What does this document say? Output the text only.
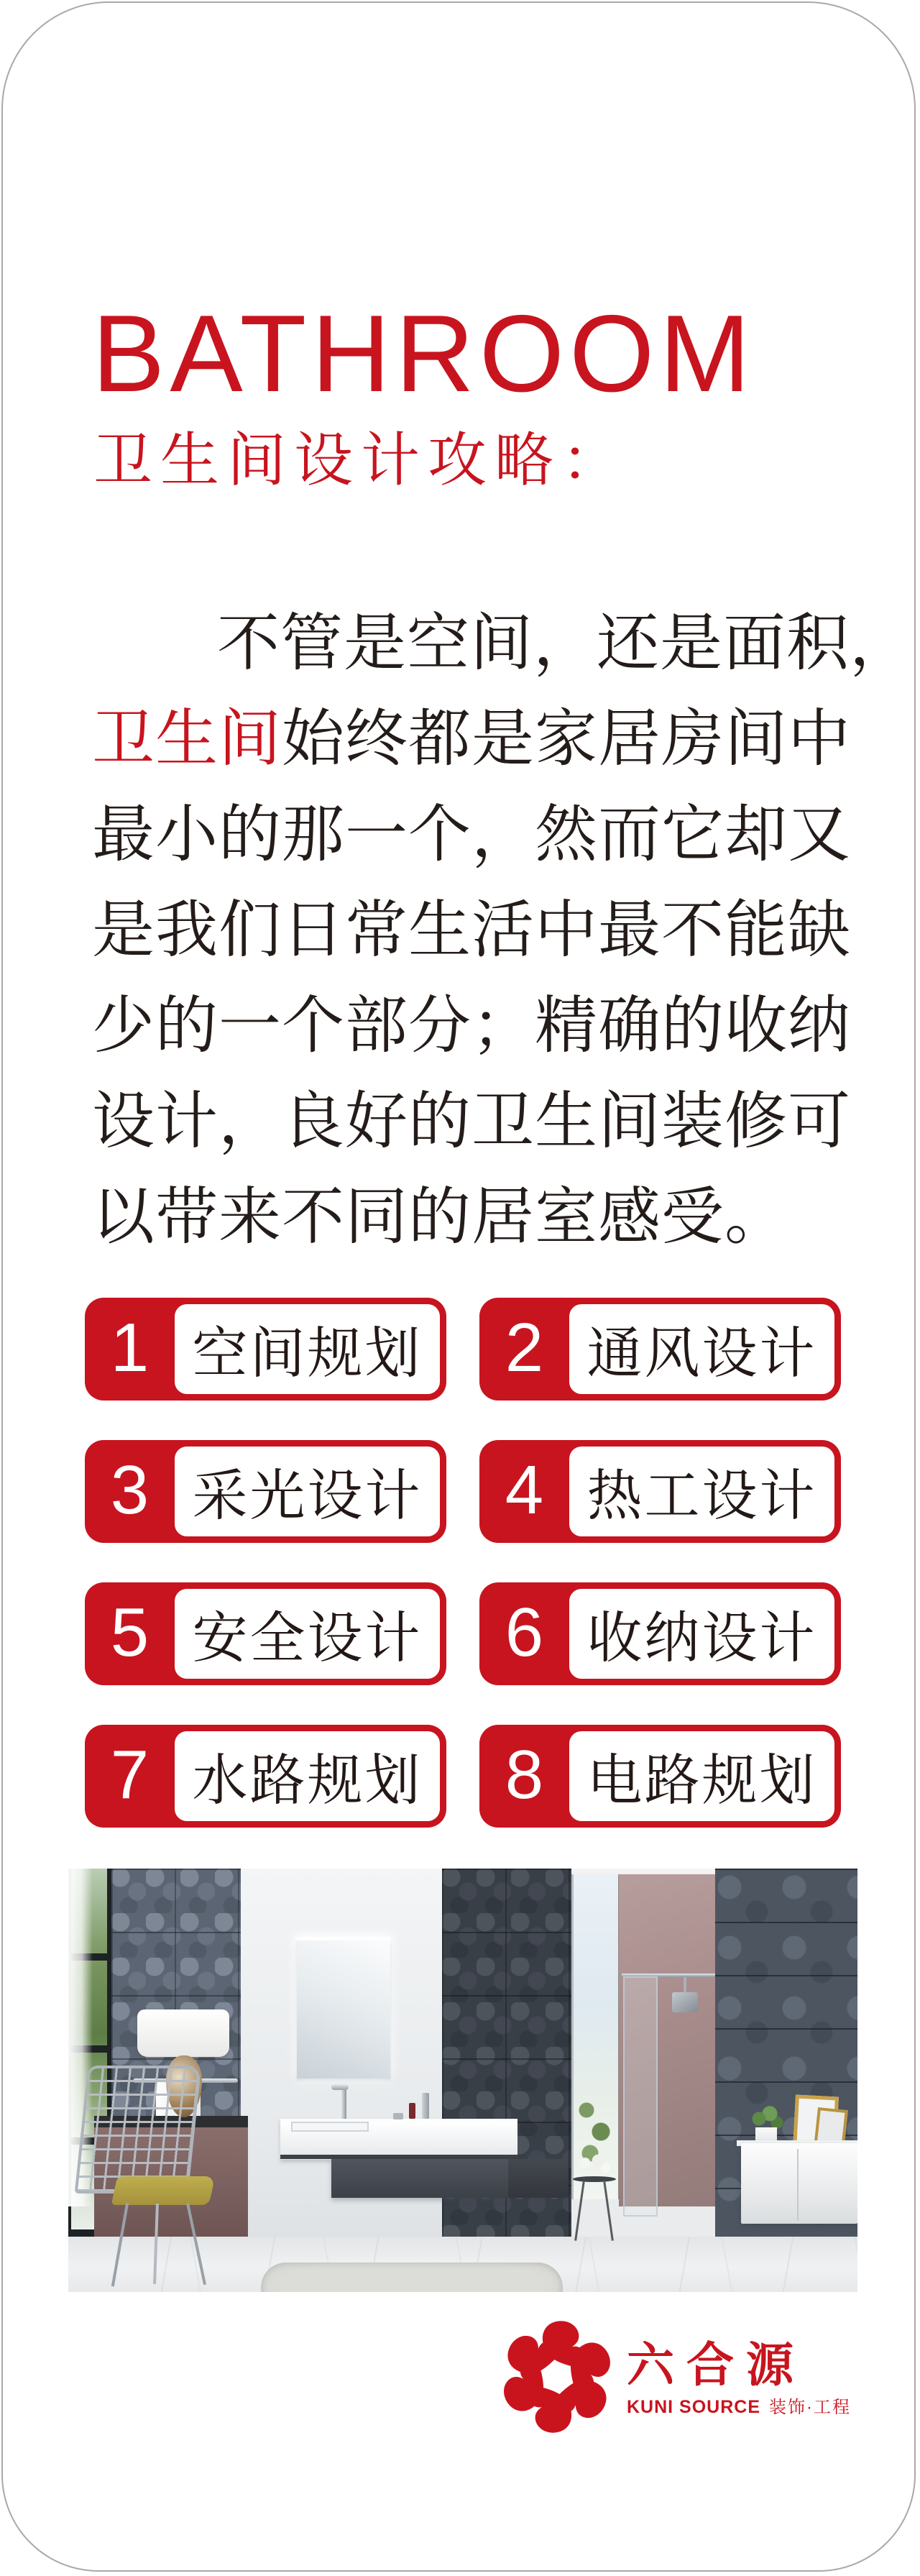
BATHROOM
卫生间设计攻略：

不管是空间，还是面积，

卫生间始终都是家居房间中

最小的那一个，然而它却又

是我们日常生活中最不能缺

少的一个部分；精确的收纳

设计，良好的卫生间装修可

以带来不同的居室感受。

1 空间规划	2 通风设计
3 采光设计	4 热工设计
5 安全设计	6 收纳设计
7 水路规划	8 电路规划
六合源
KUNI SOURCE 装饰·工程
